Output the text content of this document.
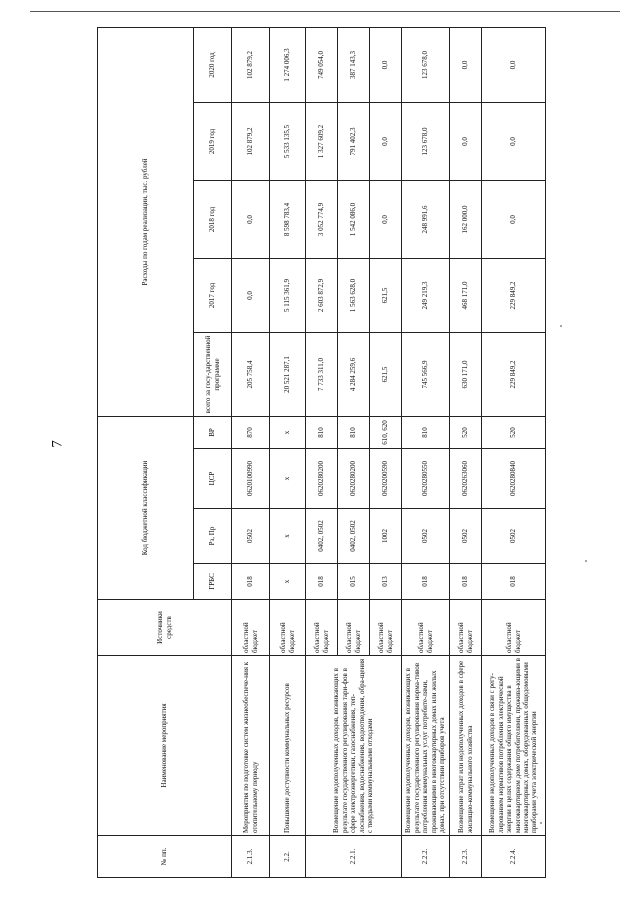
7
№ пп.	Наименование мероприятия	Источники средств	Код бюджетной классификации				Расходы по годам реализации, тыс. рублей				
			ГРБС	Рз, Пр	ЦСР	ВР	всего за госу-дарственной программе	2017 год	2018 год	2019 год	2020 год
2.1.3.	Мероприятия по подготовке систем жизнеобеспече-ния к отопительному периоду	областной бюджет	018	0502	0620100990	870	205 758,4	0,0	0,0	102 879,2	102 879,2
2.2.	Повышение доступности коммунальных ресурсов	областной бюджет	x	x	x	x	20 521 287,1	5 115 361,9	8 598 783,4	5 533 135,5	1 274 006,3
2.2.1.	Возмещение недополученных доходов, возникающих в результате государственного регулирования тари-фов в сфере электроэнергетики, газоснабжения, теп-лоснабжения, водоснабжения, водоотведения, обра-щения с твердыми коммунальными отходами	областной бюджет	018	0402, 0502	0620280200	810	7 733 311,0	2 603 872,9	3 052 774,9	1 327 609,2	749 054,0
		областной бюджет	015	0402, 0502	0620280200	810	4 284 259,6	1 563 628,0	1 542 086,0	791 402,3	387 143,3
		областной бюджет	013	1002	0620200590	610, 620	621,5	621,5	0,0	0,0	0,0
2.2.2.	Возмещение недополученных доходов, возникающих в результате государственного регулирования норма-тивов потребления коммунальных услуг потребите-лями, проживающими в многоквартирных домах или жилых домах, при отсутствии приборов учета	областной бюджет	018	0502	0620280550	810	745 566,9	249 219,3	248 991,6	123 678,0	123 678,0
2.2.3.	Возмещение затрат или недополученных доходов в сфере жилищно-коммунального хозяйства	областной бюджет	018	0502	0620263060	520	630 171,0	468 171,0	162 000,0	0,0	0,0
2.2.4.	Возмещение недополученных доходов в связи с регу-лированием нормативов потребления электрической энергии в целях содержания общего имущества в многоквартирном доме потребителями, прожива-ющими в многоквартирных домах, оборудованных общедомовыми приборами учета электрической энергии	областной бюджет	018	0502	0620280840	520	229 849,2	229 849,2	0,0	0,0	0,0
